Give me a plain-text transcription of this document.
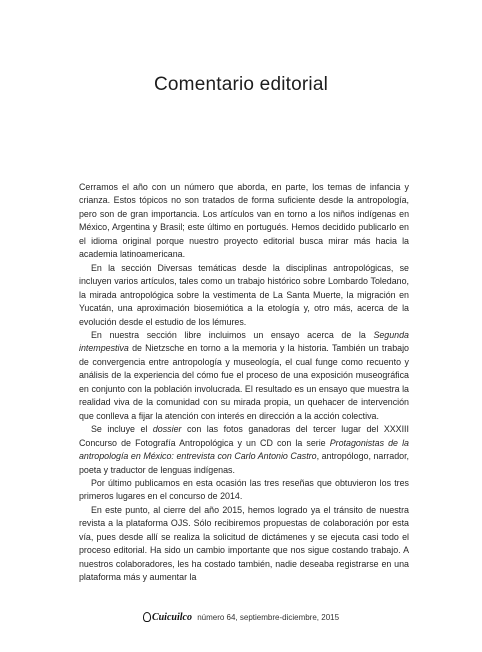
Comentario editorial

Cerramos el año con un número que aborda, en parte, los temas de infancia y crianza. Estos tópicos no son tratados de forma suficiente desde la antropología, pero son de gran importancia. Los artículos van en torno a los niños indígenas en México, Argentina y Brasil; este último en portugués. Hemos decidido publicarlo en el idioma original porque nuestro proyecto editorial busca mirar más hacia la academia latinoamericana.

En la sección Diversas temáticas desde la disciplinas antropológicas, se incluyen varios artículos, tales como un trabajo histórico sobre Lombardo Toledano, la mirada antropológica sobre la vestimenta de La Santa Muerte, la migración en Yucatán, una aproximación biosemiótica a la etología y, otro más, acerca de la evolución desde el estudio de los lémures.

En nuestra sección libre incluimos un ensayo acerca de la Segunda intempestiva de Nietzsche en torno a la memoria y la historia. También un trabajo de convergencia entre antropología y museología, el cual funge como recuento y análisis de la experiencia del cómo fue el proceso de una exposición museográfica en conjunto con la población involucrada. El resultado es un ensayo que muestra la realidad viva de la comunidad con su mirada propia, un quehacer de intervención que conlleva a fijar la atención con interés en dirección a la acción colectiva.

Se incluye el dossier con las fotos ganadoras del tercer lugar del XXXIII Concurso de Fotografía Antropológica y un CD con la serie Protagonistas de la antropología en México: entrevista con Carlo Antonio Castro, antropólogo, narrador, poeta y traductor de lenguas indígenas.

Por último publicamos en esta ocasión las tres reseñas que obtuvieron los tres primeros lugares en el concurso de 2014.

En este punto, al cierre del año 2015, hemos logrado ya el tránsito de nuestra revista a la plataforma OJS. Sólo recibiremos propuestas de colaboración por esta vía, pues desde allí se realiza la solicitud de dictámenes y se ejecuta casi todo el proceso editorial. Ha sido un cambio importante que nos sigue costando trabajo. A nuestros colaboradores, les ha costado también, nadie deseaba registrarse en una plataforma más y aumentar la

Cuicuilco número 64, septiembre-diciembre, 2015
